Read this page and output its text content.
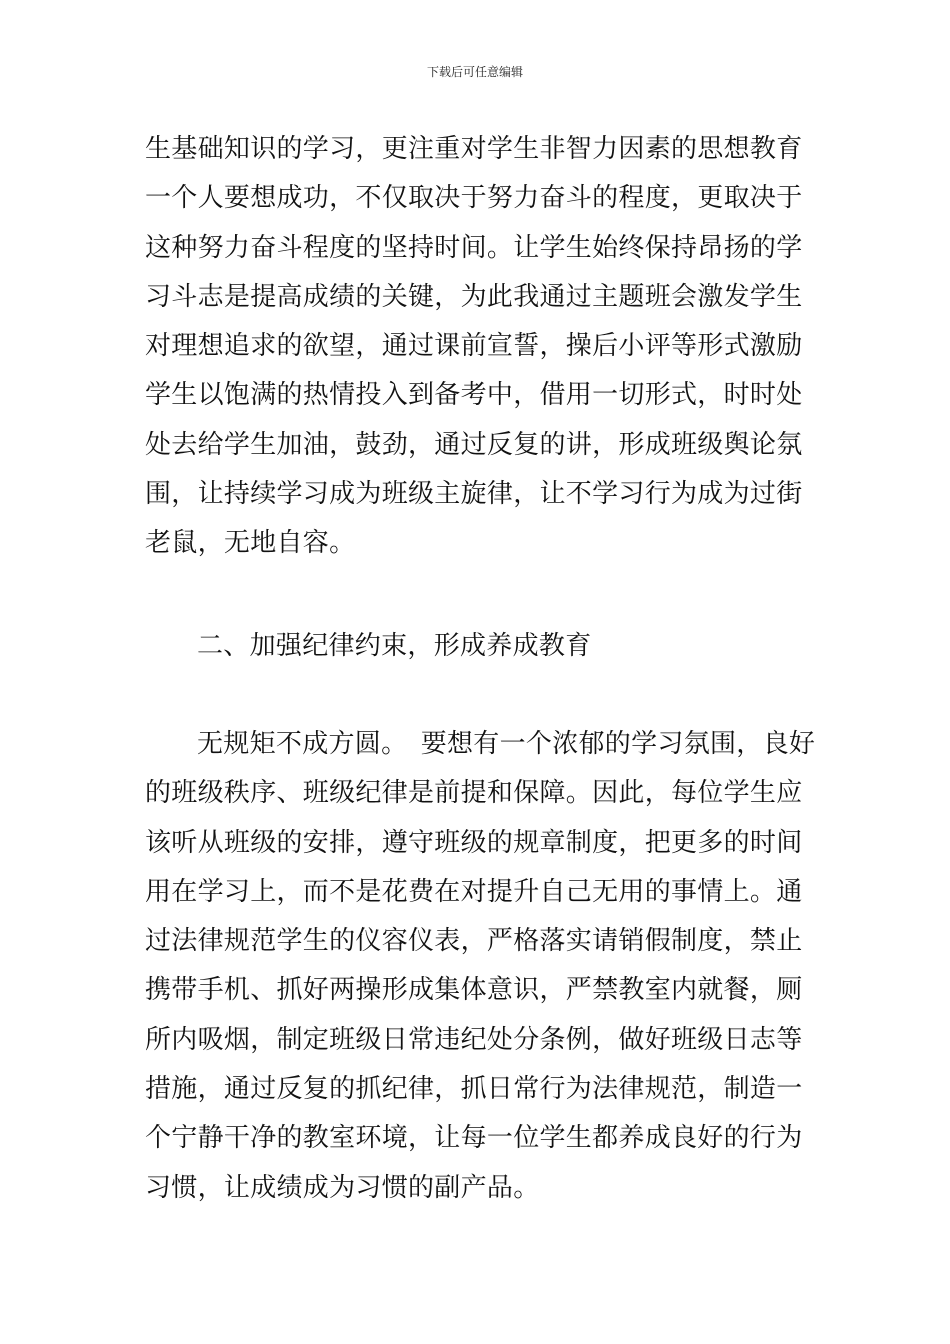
下载后可任意编辑
生基础知识的学习，更注重对学生非智力因素的思想教育
一个人要想成功，不仅取决于努力奋斗的程度，更取决于
这种努力奋斗程度的坚持时间。让学生始终保持昂扬的学
习斗志是提高成绩的关键，为此我通过主题班会激发学生
对理想追求的欲望，通过课前宣誓，操后小评等形式激励
学生以饱满的热情投入到备考中，借用一切形式，时时处
处去给学生加油，鼓劲，通过反复的讲，形成班级舆论氛
围，让持续学习成为班级主旋律，让不学习行为成为过街
老鼠，无地自容。
二、加强纪律约束，形成养成教育
无规矩不成方圆。　要想有一个浓郁的学习氛围，良好
的班级秩序、班级纪律是前提和保障。因此，每位学生应
该听从班级的安排，遵守班级的规章制度，把更多的时间
用在学习上，而不是花费在对提升自己无用的事情上。通
过法律规范学生的仪容仪表，严格落实请销假制度，禁止
携带手机、抓好两操形成集体意识，严禁教室内就餐，厕
所内吸烟，制定班级日常违纪处分条例，做好班级日志等
措施，通过反复的抓纪律，抓日常行为法律规范，制造一
个宁静干净的教室环境，让每一位学生都养成良好的行为
习惯，让成绩成为习惯的副产品。
